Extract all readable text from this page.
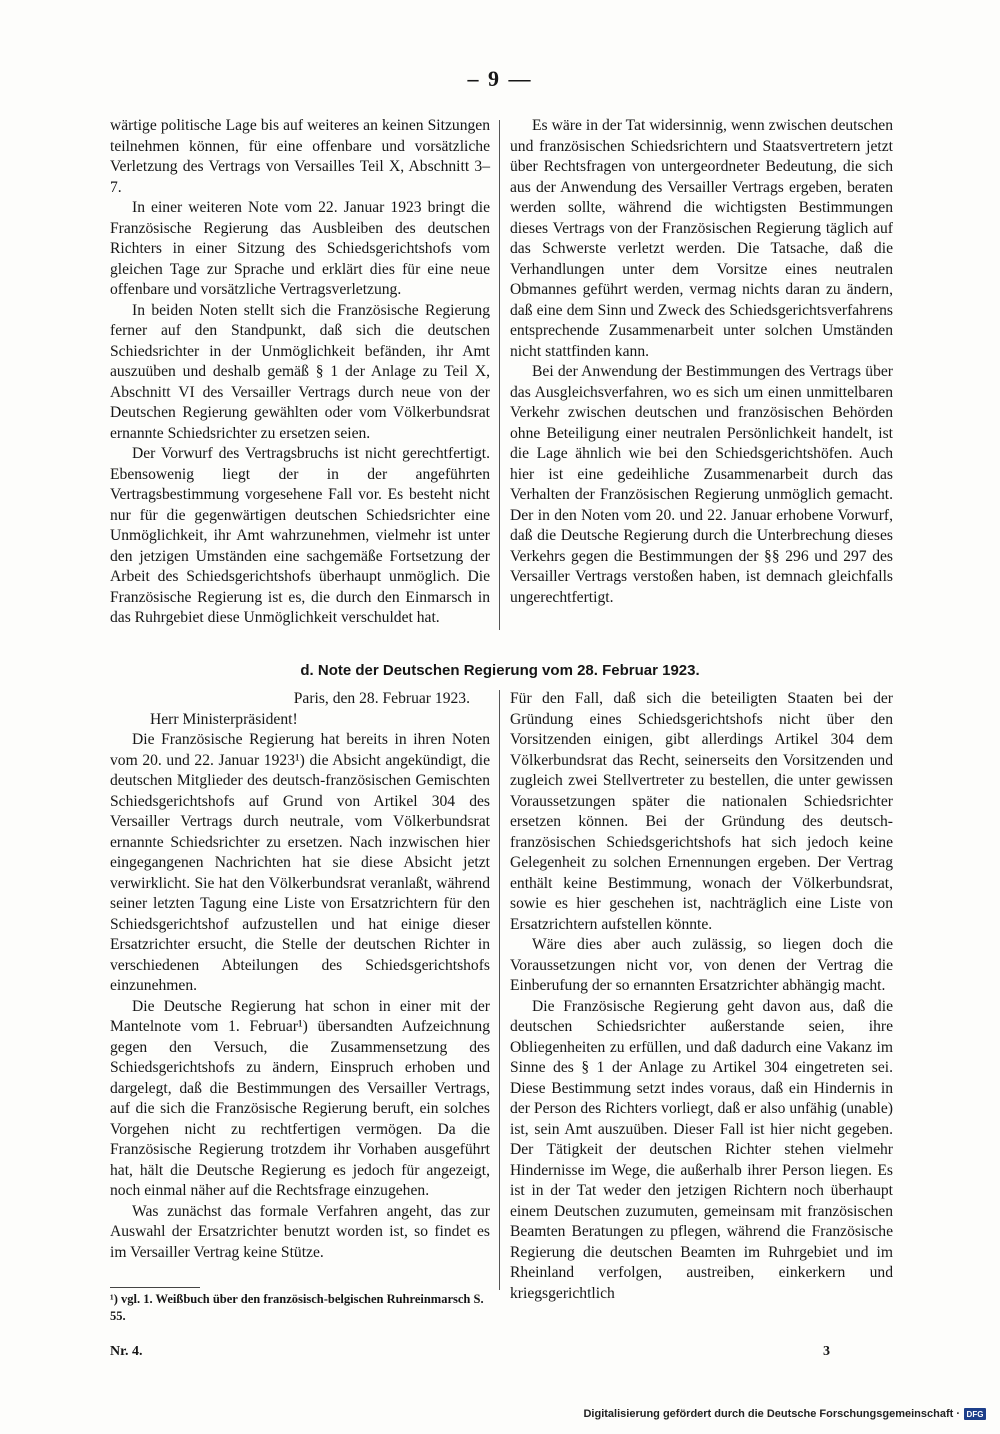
– 9 —

wärtige politische Lage bis auf weiteres an keinen Sitzungen teilnehmen können, für eine offenbare und vorsätzliche Verletzung des Vertrags von Versailles Teil X, Abschnitt 3–7.

In einer weiteren Note vom 22. Januar 1923 bringt die Französische Regierung das Ausbleiben des deutschen Richters in einer Sitzung des Schiedsgerichtshofs vom gleichen Tage zur Sprache und erklärt dies für eine neue offenbare und vorsätzliche Vertragsverletzung.

In beiden Noten stellt sich die Französische Regierung ferner auf den Standpunkt, daß sich die deutschen Schiedsrichter in der Unmöglichkeit befänden, ihr Amt auszuüben und deshalb gemäß § 1 der Anlage zu Teil X, Abschnitt VI des Versailler Vertrags durch neue von der Deutschen Regierung gewählten oder vom Völkerbundsrat ernannte Schiedsrichter zu ersetzen seien.

Der Vorwurf des Vertragsbruchs ist nicht gerechtfertigt. Ebensowenig liegt der in der angeführten Vertragsbestimmung vorgesehene Fall vor. Es besteht nicht nur für die gegenwärtigen deutschen Schiedsrichter eine Unmöglichkeit, ihr Amt wahrzunehmen, vielmehr ist unter den jetzigen Umständen eine sachgemäße Fortsetzung der Arbeit des Schiedsgerichtshofs überhaupt unmöglich. Die Französische Regierung ist es, die durch den Einmarsch in das Ruhrgebiet diese Unmöglichkeit verschuldet hat.

Es wäre in der Tat widersinnig, wenn zwischen deutschen und französischen Schiedsrichtern und Staatsvertretern jetzt über Rechtsfragen von untergeordneter Bedeutung, die sich aus der Anwendung des Versailler Vertrags ergeben, beraten werden sollte, während die wichtigsten Bestimmungen dieses Vertrags von der Französischen Regierung täglich auf das Schwerste verletzt werden. Die Tatsache, daß die Verhandlungen unter dem Vorsitze eines neutralen Obmannes geführt werden, vermag nichts daran zu ändern, daß eine dem Sinn und Zweck des Schiedsgerichtsverfahrens entsprechende Zusammenarbeit unter solchen Umständen nicht stattfinden kann.

Bei der Anwendung der Bestimmungen des Vertrags über das Ausgleichsverfahren, wo es sich um einen unmittelbaren Verkehr zwischen deutschen und französischen Behörden ohne Beteiligung einer neutralen Persönlichkeit handelt, ist die Lage ähnlich wie bei den Schiedsgerichtshöfen. Auch hier ist eine gedeihliche Zusammenarbeit durch das Verhalten der Französischen Regierung unmöglich gemacht. Der in den Noten vom 20. und 22. Januar erhobene Vorwurf, daß die Deutsche Regierung durch die Unterbrechung dieses Verkehrs gegen die Bestimmungen der §§ 296 und 297 des Versailler Vertrags verstoßen haben, ist demnach gleichfalls ungerechtfertigt.

d. Note der Deutschen Regierung vom 28. Februar 1923.

Paris, den 28. Februar 1923.

Herr Ministerpräsident!

Die Französische Regierung hat bereits in ihren Noten vom 20. und 22. Januar 1923¹) die Absicht angekündigt, die deutschen Mitglieder des deutsch-französischen Gemischten Schiedsgerichtshofs auf Grund von Artikel 304 des Versailler Vertrags durch neutrale, vom Völkerbundsrat ernannte Schiedsrichter zu ersetzen. Nach inzwischen hier eingegangenen Nachrichten hat sie diese Absicht jetzt verwirklicht. Sie hat den Völkerbundsrat veranlaßt, während seiner letzten Tagung eine Liste von Ersatzrichtern für den Schiedsgerichtshof aufzustellen und hat einige dieser Ersatzrichter ersucht, die Stelle der deutschen Richter in verschiedenen Abteilungen des Schiedsgerichtshofs einzunehmen.

Die Deutsche Regierung hat schon in einer mit der Mantelnote vom 1. Februar¹) übersandten Aufzeichnung gegen den Versuch, die Zusammensetzung des Schiedsgerichtshofs zu ändern, Einspruch erhoben und dargelegt, daß die Bestimmungen des Versailler Vertrags, auf die sich die Französische Regierung beruft, ein solches Vorgehen nicht zu rechtfertigen vermögen. Da die Französische Regierung trotzdem ihr Vorhaben ausgeführt hat, hält die Deutsche Regierung es jedoch für angezeigt, noch einmal näher auf die Rechtsfrage einzugehen.

Was zunächst das formale Verfahren angeht, das zur Auswahl der Ersatzrichter benutzt worden ist, so findet es im Versailler Vertrag keine Stütze.

Für den Fall, daß sich die beteiligten Staaten bei der Gründung eines Schiedsgerichtshofs nicht über den Vorsitzenden einigen, gibt allerdings Artikel 304 dem Völkerbundsrat das Recht, seinerseits den Vorsitzenden und zugleich zwei Stellvertreter zu bestellen, die unter gewissen Voraussetzungen später die nationalen Schiedsrichter ersetzen können. Bei der Gründung des deutsch-französischen Schiedsgerichtshofs hat sich jedoch keine Gelegenheit zu solchen Ernennungen ergeben. Der Vertrag enthält keine Bestimmung, wonach der Völkerbundsrat, sowie es hier geschehen ist, nachträglich eine Liste von Ersatzrichtern aufstellen könnte.

Wäre dies aber auch zulässig, so liegen doch die Voraussetzungen nicht vor, von denen der Vertrag die Einberufung der so ernannten Ersatzrichter abhängig macht.

Die Französische Regierung geht davon aus, daß die deutschen Schiedsrichter außerstande seien, ihre Obliegenheiten zu erfüllen, und daß dadurch eine Vakanz im Sinne des § 1 der Anlage zu Artikel 304 eingetreten sei. Diese Bestimmung setzt indes voraus, daß ein Hindernis in der Person des Richters vorliegt, daß er also unfähig (unable) ist, sein Amt auszuüben. Dieser Fall ist hier nicht gegeben. Der Tätigkeit der deutschen Richter stehen vielmehr Hindernisse im Wege, die außerhalb ihrer Person liegen. Es ist in der Tat weder den jetzigen Richtern noch überhaupt einem Deutschen zuzumuten, gemeinsam mit französischen Beamten Beratungen zu pflegen, während die Französische Regierung die deutschen Beamten im Ruhrgebiet und im Rheinland verfolgen, austreiben, einkerkern und kriegsgerichtlich

¹) vgl. 1. Weißbuch über den französisch-belgischen Ruhreinmarsch S. 55.
Nr. 4.	3
Digitalisierung gefördert durch die Deutsche Forschungsgemeinschaft · DFG
